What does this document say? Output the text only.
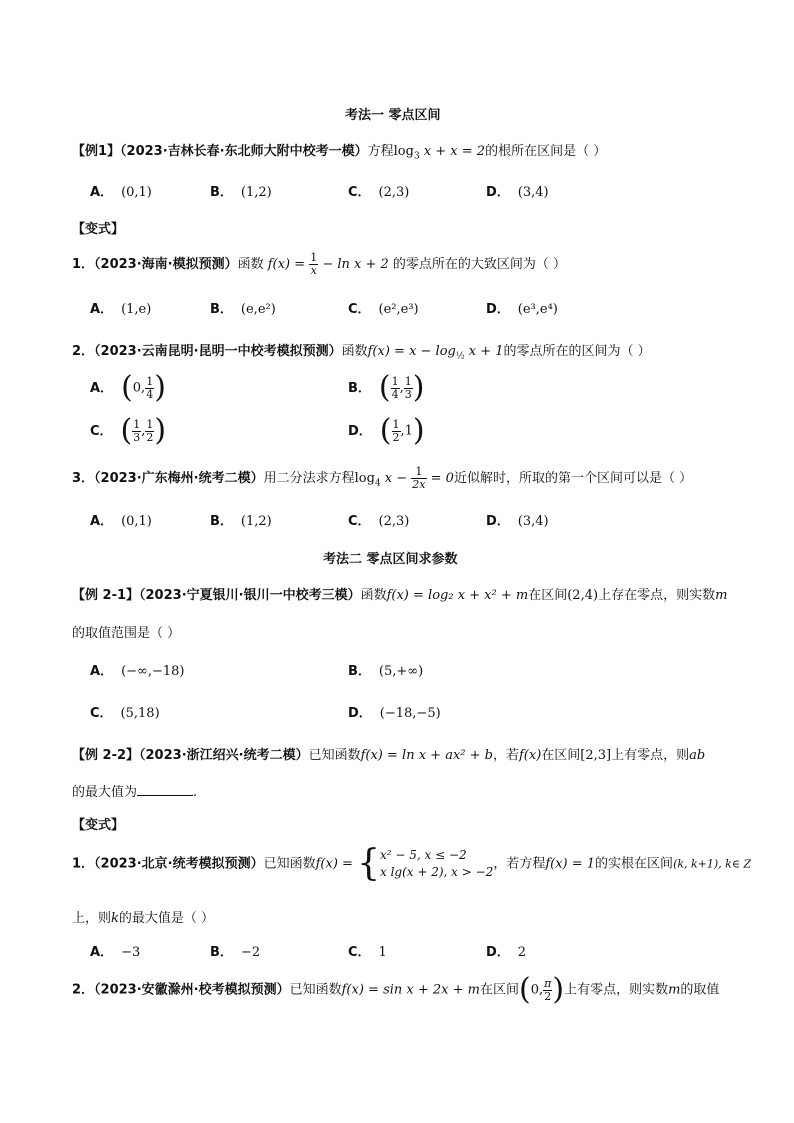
考法一 零点区间
【例1】（2023·吉林长春·东北师大附中校考一模）方程$\log_3 x + x = 2$的根所在区间是（ ）
A． (0,1)	B． (1,2)	C． (2,3)	D． (3,4)
【变式】
1．（2023·海南·模拟预测）函数 $f(x) = \frac{1}{x} - \ln x + 2$ 的零点所在的大致区间为（ ）
A． (1,e)	B． (e,e²)	C． (e²,e³)	D． (e³,e⁴)
2．（2023·云南昆明·昆明一中校考模拟预测）函数$f(x) = x - \log_{\frac{1}{2}} x + 1$的零点所在的区间为（ ）
A． (0, $\frac{1}{4}$ )	B． ( $\frac{1}{4}$ , $\frac{1}{3}$ )
C． ( $\frac{1}{3}$ , $\frac{1}{2}$ )	D． ( $\frac{1}{2} ,1$)
3．（2023·广东梅州·统考二模）用二分法求方程$\log_4 x - \frac{1}{2x} = 0$近似解时，所取的第一个区间可以是（ ）
A． (0,1)	B． (1,2)	C． (2,3)	D． (3,4)
考法二 零点区间求参数
【例 2-1】（2023·宁夏银川·银川一中校考三模）函数f(x) = log₂ x + x² + m在区间(2,4)上存在零点，则实数m
的取值范围是（ ）
A． (−∞,−18)	B． (5,+∞)
C． (5,18)	D． (−18,−5)
【例 2-2】（2023·浙江绍兴·统考二模）已知函数f(x) = ln x + ax² + b，若f(x)在区间[2,3]上有零点，则ab
的最大值为	.
【变式】
1．（2023·北京·统考模拟预测）已知函数f(x) = { x² − 5, x ≤ −2
x lg(x + 2), x > −2
，若方程f(x) = 1的实根在区间(k, k+1), k∈ Z
上，则k的最大值是（ ）
A． −3	B． −2	C． 1	D． 2
2．（2023·安徽滁州·校考模拟预测）已知函数f(x) = sin x + 2x + m在区间(0, $\frac{\pi}{2}$ )上有零点，则实数m的取值
